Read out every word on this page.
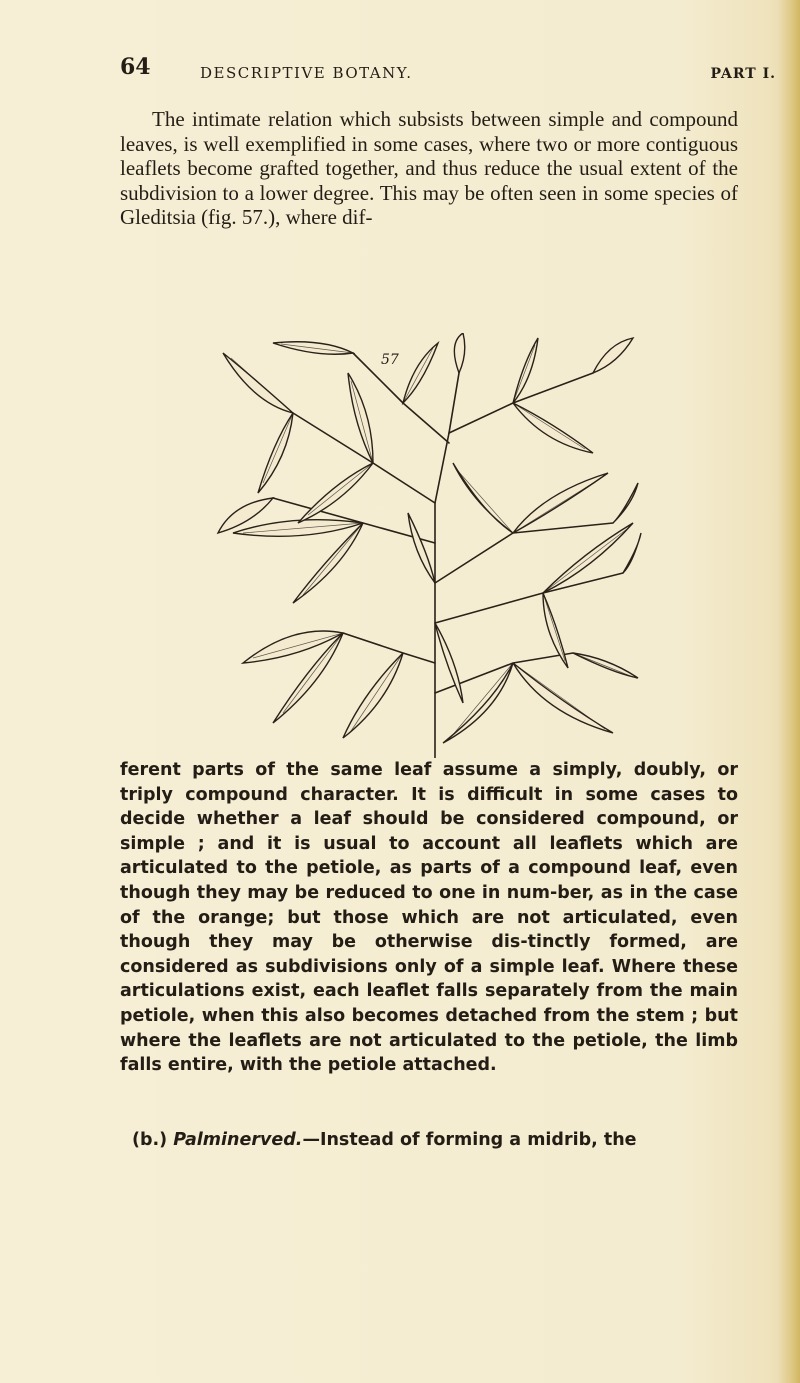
64	DESCRIPTIVE BOTANY.	PART I.

The intimate relation which subsists between simple and compound leaves, is well exemplified in some cases, where two or more contiguous leaflets become grafted together, and thus reduce the usual extent of the subdivision to a lower degree. This may be often seen in some species of Gleditsia (fig. 57.), where dif-

57

ferent parts of the same leaf assume a simply, doubly, or triply compound character. It is difficult in some cases to decide whether a leaf should be considered compound, or simple ; and it is usual to account all leaflets which are articulated to the petiole, as parts of a compound leaf, even though they may be reduced to one in num-ber, as in the case of the orange; but those which are not articulated, even though they may be otherwise dis-tinctly formed, are considered as subdivisions only of a simple leaf. Where these articulations exist, each leaflet falls separately from the main petiole, when this also becomes detached from the stem ; but where the leaflets are not articulated to the petiole, the limb falls entire, with the petiole attached.

(b.) Palminerved.—Instead of forming a midrib, the
